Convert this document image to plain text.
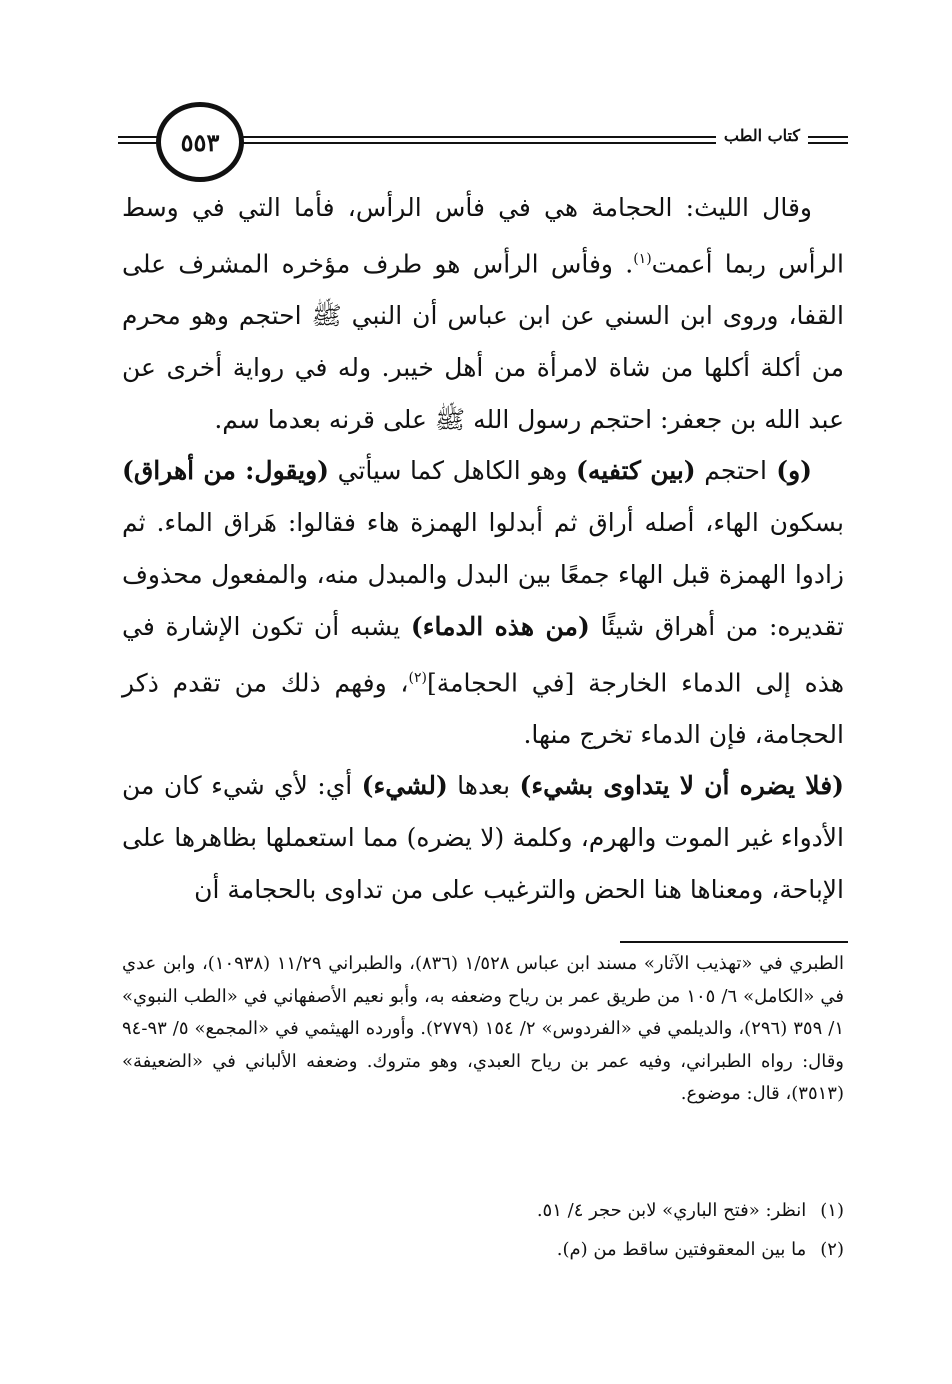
كتاب الطب
٥٥٣

وقال الليث: الحجامة هي في فأس الرأس، فأما التي في وسط الرأس ربما أعمت$^{(١)}$. وفأس الرأس هو طرف مؤخره المشرف على القفا، وروى ابن السني عن ابن عباس أن النبي ﷺ احتجم وهو محرم من أكلة أكلها من شاة لامرأة من أهل خيبر. وله في رواية أخرى عن عبد الله بن جعفر: احتجم رسول الله ﷺ على قرنه بعدما سم.

(و) احتجم (بين كتفيه) وهو الكاهل كما سيأتي (ويقول: من أهراق) بسكون الهاء، أصله أراق ثم أبدلوا الهمزة هاء فقالوا: هَراق الماء. ثم زادوا الهمزة قبل الهاء جمعًا بين البدل والمبدل منه، والمفعول محذوف تقديره: من أهراق شيئًا (من هذه الدماء) يشبه أن تكون الإشارة في هذه إلى الدماء الخارجة [في الحجامة]$^{(٢)}$، وفهم ذلك من تقدم ذكر الحجامة، فإن الدماء تخرج منها.

(فلا يضره أن لا يتداوى بشيء) بعدها (لشيء) أي: لأي شيء كان من الأدواء غير الموت والهرم، وكلمة (لا يضره) مما استعملها بظاهرها على الإباحة، ومعناها هنا الحض والترغيب على من تداوى بالحجامة أن

الطبري في «تهذيب الآثار» مسند ابن عباس ١/٥٢٨ (٨٣٦)، والطبراني ١١/٢٩ (١٠٩٣٨)، وابن عدي في «الكامل» ٦/ ١٠٥ من طريق عمر بن رياح وضعفه به، وأبو نعيم الأصفهاني في «الطب النبوي» ١/ ٣٥٩ (٢٩٦)، والديلمي في «الفردوس» ٢/ ١٥٤ (٢٧٧٩). وأورده الهيثمي في «المجمع» ٥/ ٩٣-٩٤ وقال: رواه الطبراني، وفيه عمر بن رياح العبدي، وهو متروك. وضعفه الألباني في «الضعيفة» (٣٥١٣)، قال: موضوع.

(١)
انظر: «فتح الباري» لابن حجر ٤/ ٥١.
(٢)
ما بين المعقوفتين ساقط من (م).
